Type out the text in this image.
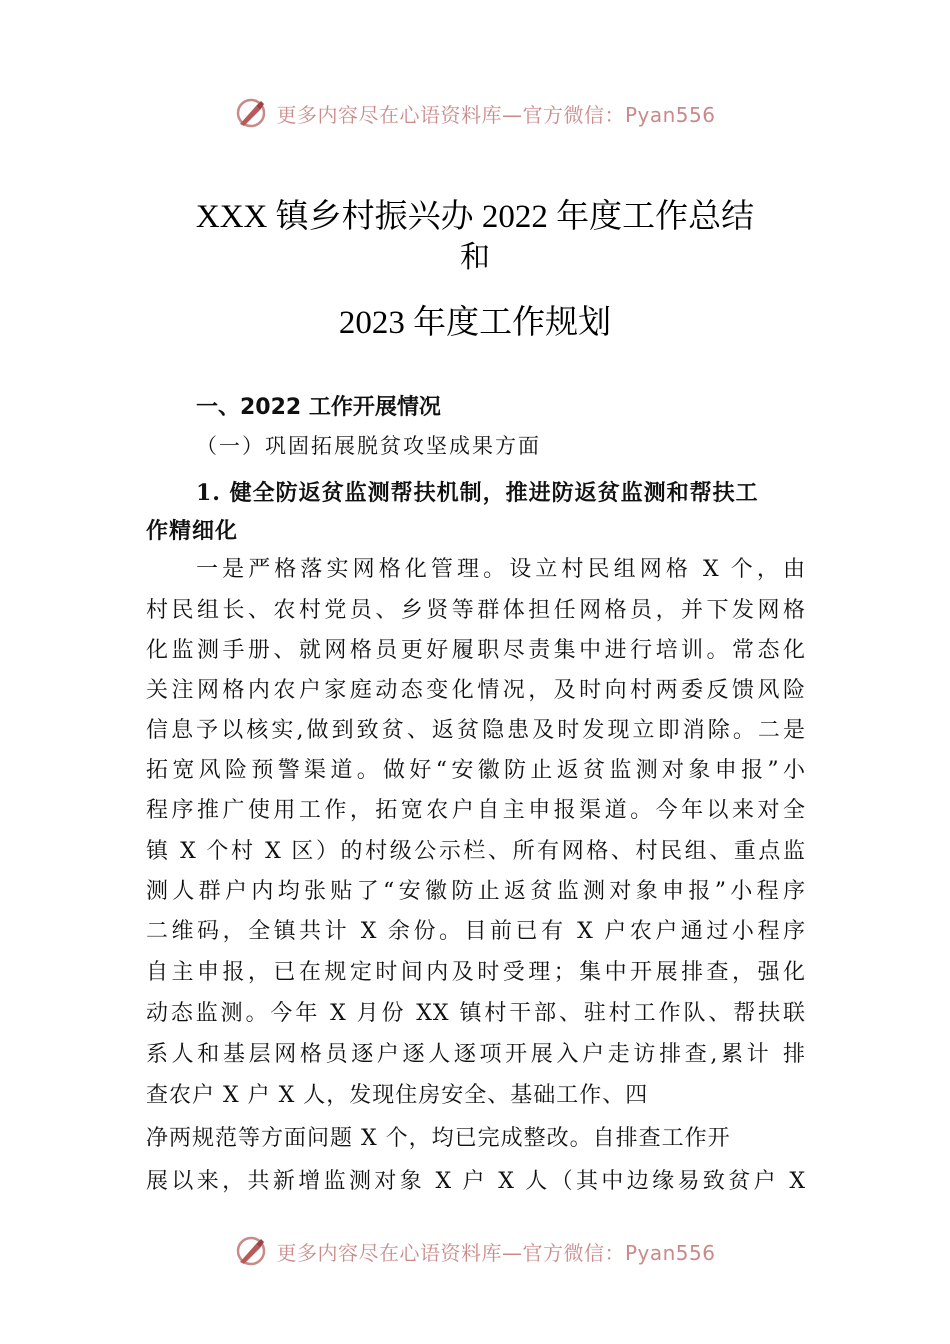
更多内容尽在心语资料库—官方微信：Pyan556
XXX 镇乡村振兴办 2022 年度工作总结
和
2023 年度工作规划
一、2022 工作开展情况
（一）巩固拓展脱贫攻坚成果方面
1. 健全防返贫监测帮扶机制，推进防返贫监测和帮扶工
作精细化
一是严格落实网格化管理。设立村民组网格 X 个，由
村民组长、农村党员、乡贤等群体担任网格员，并下发网格
化监测手册、就网格员更好履职尽责集中进行培训。常态化
关注网格内农户家庭动态变化情况，及时向村两委反馈风险
信息予以核实,做到致贫、返贫隐患及时发现立即消除。二是
拓宽风险预警渠道。做好“安徽防止返贫监测对象申报”小
程序推广使用工作，拓宽农户自主申报渠道。今年以来对全
镇 X 个村 X 区）的村级公示栏、所有网格、村民组、重点监
测人群户内均张贴了“安徽防止返贫监测对象申报”小程序
二维码，全镇共计 X 余份。目前已有 X 户农户通过小程序
自主申报，已在规定时间内及时受理；集中开展排查，强化
动态监测。今年 X 月份 XX 镇村干部、驻村工作队、帮扶联
系人和基层网格员逐户逐人逐项开展入户走访排查,累计 排
查农户 X 户 X 人，发现住房安全、基础工作、四
净两规范等方面问题 X 个，均已完成整改。自排查工作开
展以来，共新增监测对象 X 户 X 人（其中边缘易致贫户 X
更多内容尽在心语资料库—官方微信：Pyan556
